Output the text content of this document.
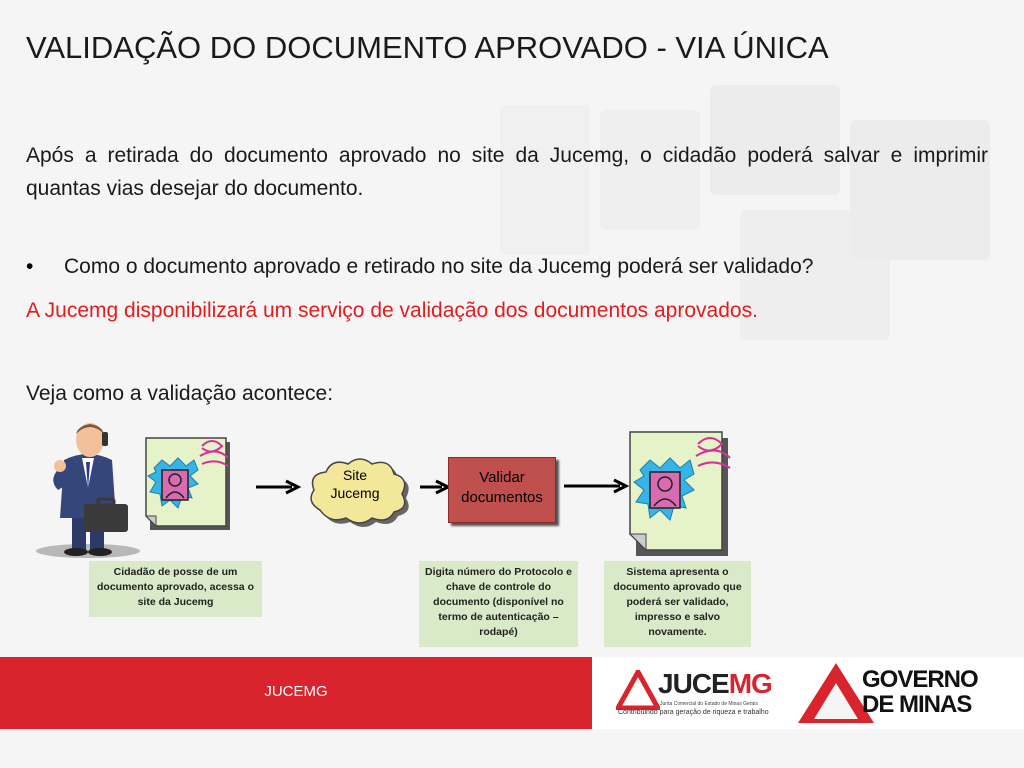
VALIDAÇÃO DO DOCUMENTO APROVADO - VIA ÚNICA
Após a retirada do documento aprovado no site da Jucemg, o cidadão poderá salvar e imprimir quantas vias desejar do documento.
• Como o documento aprovado e retirado no site da Jucemg poderá ser validado?
A Jucemg disponibilizará um serviço de validação dos documentos aprovados.
Veja como a validação acontece:
Site
Jucemg
Validar
documentos
Cidadão de posse de um documento aprovado, acessa o site da Jucemg
Digita número do Protocolo e chave de controle do documento (disponível no termo de autenticação – rodapé)
Sistema apresenta o documento aprovado que poderá ser validado, impresso e salvo novamente.
JUCEMG	JUCEMG
Junta Comercial do Estado de Minas Gerais
Contribuindo para geração de riqueza e trabalho
GOVERNO
DE MINAS
